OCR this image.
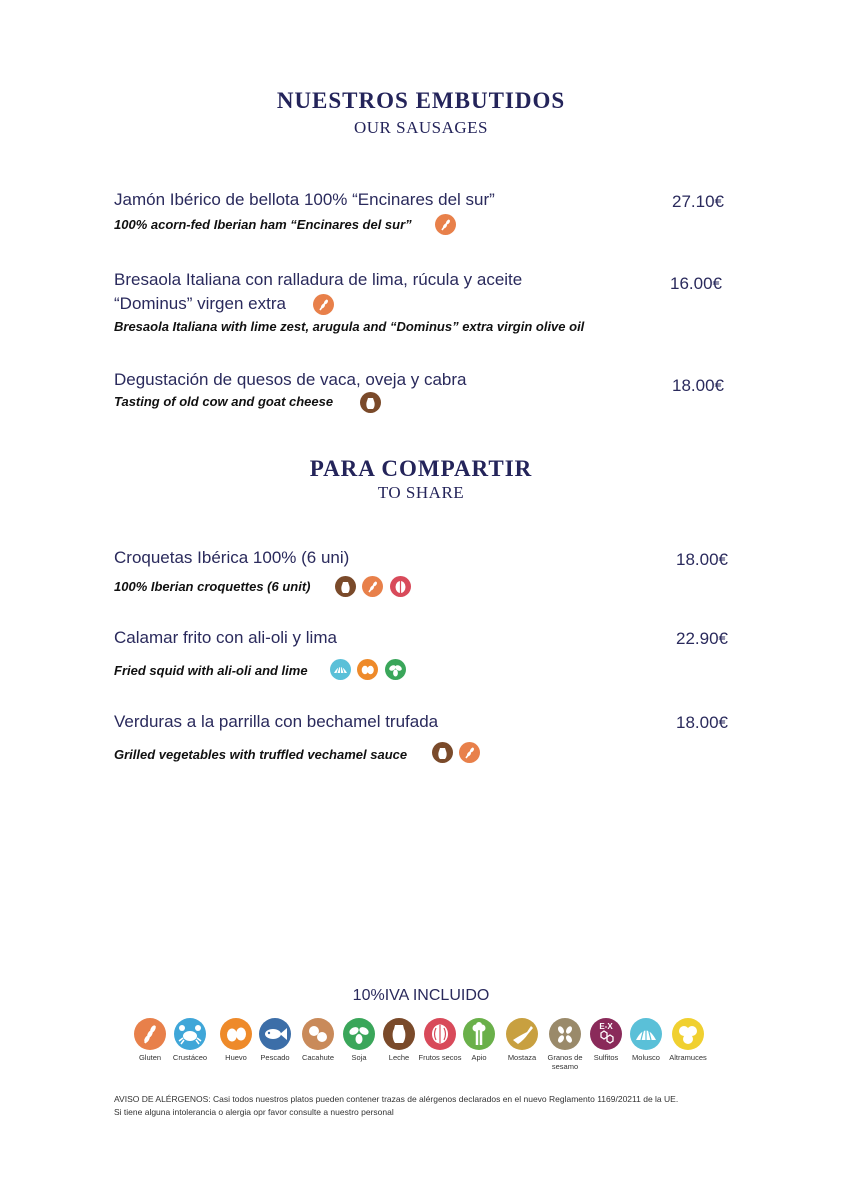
NUESTROS EMBUTIDOS
OUR SAUSAGES
Jamón Ibérico de bellota 100% “Encinares del sur”	27.10€
100% acorn-fed Iberian ham “Encinares del sur”
Bresaola Italiana con ralladura de lima, rúcula y aceite	16.00€
“Dominus” virgen extra
Bresaola Italiana with lime zest, arugula and “Dominus” extra virgin olive oil
Degustación de quesos de vaca, oveja y cabra	18.00€
Tasting of old cow and goat cheese
PARA COMPARTIR
TO SHARE
Croquetas Ibérica 100% (6 uni)	18.00€
100% Iberian croquettes (6 unit)

Calamar frito con ali-oli y lima	22.90€
Fried squid with ali-oli and lime

Verduras a la parrilla con bechamel trufada	18.00€
Grilled vegetables with truffled vechamel sauce

10%IVA INCLUIDO
Gluten	Crustáceo	Huevo	Pescado	Cacahute	Soja	Leche	Frutos secos	Apio	Mostaza	Granos de sesamo
E-X
Sulfitos	Molusco	Altramuces
AVISO DE ALÉRGENOS: Casi todos nuestros platos pueden contener trazas de alérgenos declarados en el nuevo Reglamento 1169/20211 de la UE.
Si tiene alguna intolerancia o alergia opr favor consulte a nuestro personal
